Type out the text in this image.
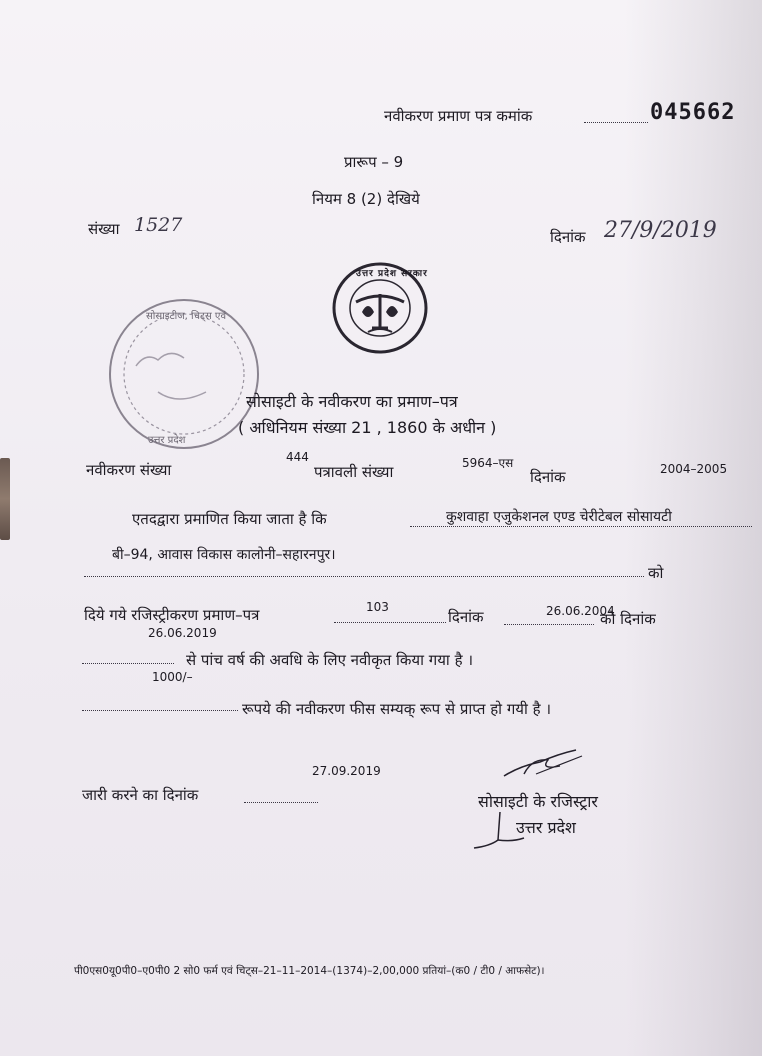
नवीकरण प्रमाण पत्र कमांक	045662
प्रारूप – 9
नियम 8 (2) देखिये
संख्या 1527
दिनांक 27/9/2019
उत्तर प्रदेश सरकार
सोसाइटीज, चिट्स एवं
उत्तर प्रदेश
सोसाइटी के नवीकरण का प्रमाण–पत्र
( अधिनियम संख्या 21 , 1860 के अधीन )
नवीकरण संख्या
444
पत्रावली संख्या	5964–एस
दिनांक	2004–2005
एतदद्वारा प्रमाणित किया जाता है कि	कुशवाहा एजुकेशनल एण्ड चेरीटेबल सोसायटी
बी–94, आवास विकास कालोनी–सहारनपुर।
को
दिये गये रजिस्ट्रीकरण प्रमाण–पत्र	103
दिनांक	26.06.2004
को दिनांक
26.06.2019
से पांच वर्ष की अवधि के लिए नवीकृत किया गया है ।
1000/–
रूपये की नवीकरण फीस सम्यक् रूप से प्राप्त हो गयी है ।
27.09.2019
जारी करने का दिनांक	सोसाइटी के रजिस्ट्रार
उत्तर प्रदेश
पी0एस0यू0पी0–ए0पी0 2 सो0 फर्म एवं चिट्स–21–11–2014–(1374)–2,00,000 प्रतियां–(क0 / टी0 / आफसेट)।
